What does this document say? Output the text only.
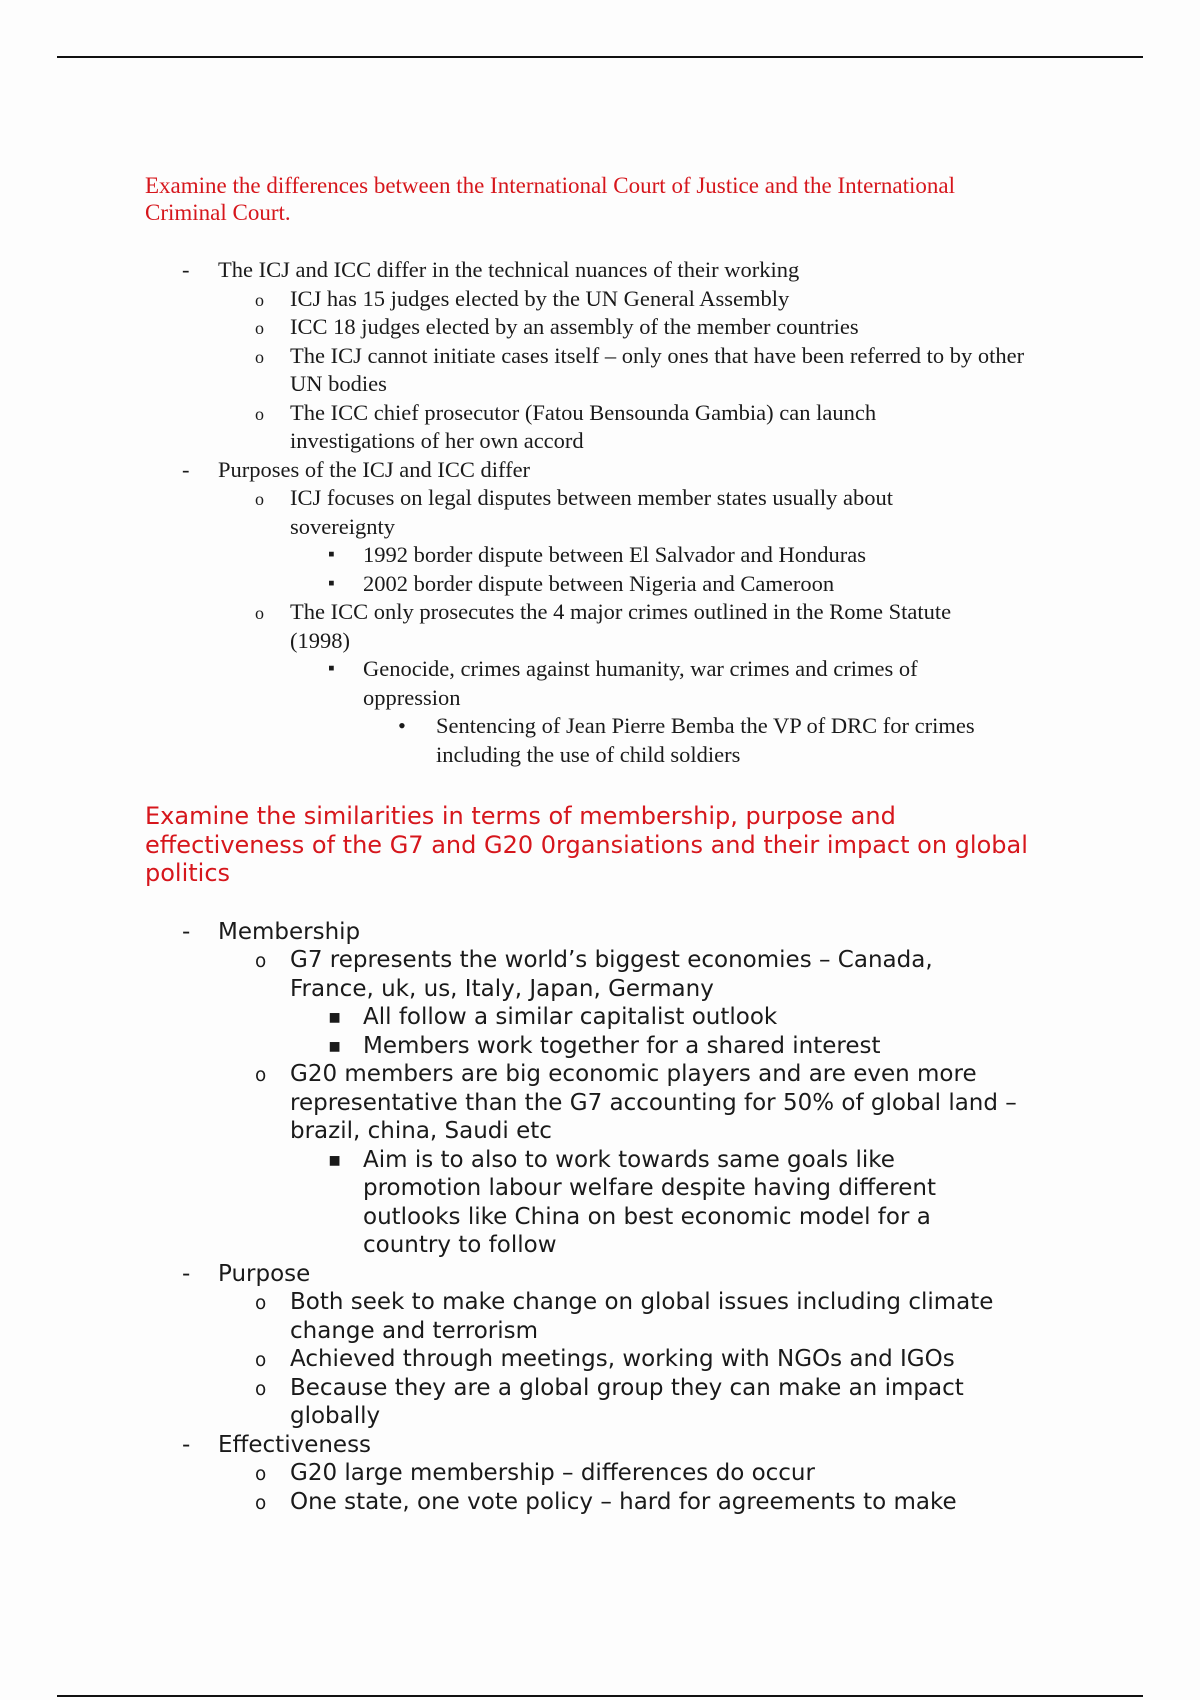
Examine the differences between the International Court of Justice and the International Criminal Court.
- The ICJ and ICC differ in the technical nuances of their working
o ICJ has 15 judges elected by the UN General Assembly
o ICC 18 judges elected by an assembly of the member countries
o The ICJ cannot initiate cases itself – only ones that have been referred to by other UN bodies
o The ICC chief prosecutor (Fatou Bensounda Gambia) can launch investigations of her own accord
- Purposes of the ICJ and ICC differ
o ICJ focuses on legal disputes between member states usually about sovereignty
▪ 1992 border dispute between El Salvador and Honduras
▪ 2002 border dispute between Nigeria and Cameroon
o The ICC only prosecutes the 4 major crimes outlined in the Rome Statute (1998)
▪ Genocide, crimes against humanity, war crimes and crimes of oppression
• Sentencing of Jean Pierre Bemba the VP of DRC for crimes including the use of child soldiers
Examine the similarities in terms of membership, purpose and effectiveness of the G7 and G20 0rgansiations and their impact on global politics
- Membership
o G7 represents the world’s biggest economies – Canada, France, uk, us, Italy, Japan, Germany
▪ All follow a similar capitalist outlook
▪ Members work together for a shared interest
o G20 members are big economic players and are even more representative than the G7 accounting for 50% of global land – brazil, china, Saudi etc
▪ Aim is to also to work towards same goals like promotion labour welfare despite having different outlooks like China on best economic model for a country to follow
- Purpose
o Both seek to make change on global issues including climate change and terrorism
o Achieved through meetings, working with NGOs and IGOs
o Because they are a global group they can make an impact globally
- Effectiveness
o G20 large membership – differences do occur
o One state, one vote policy – hard for agreements to make
